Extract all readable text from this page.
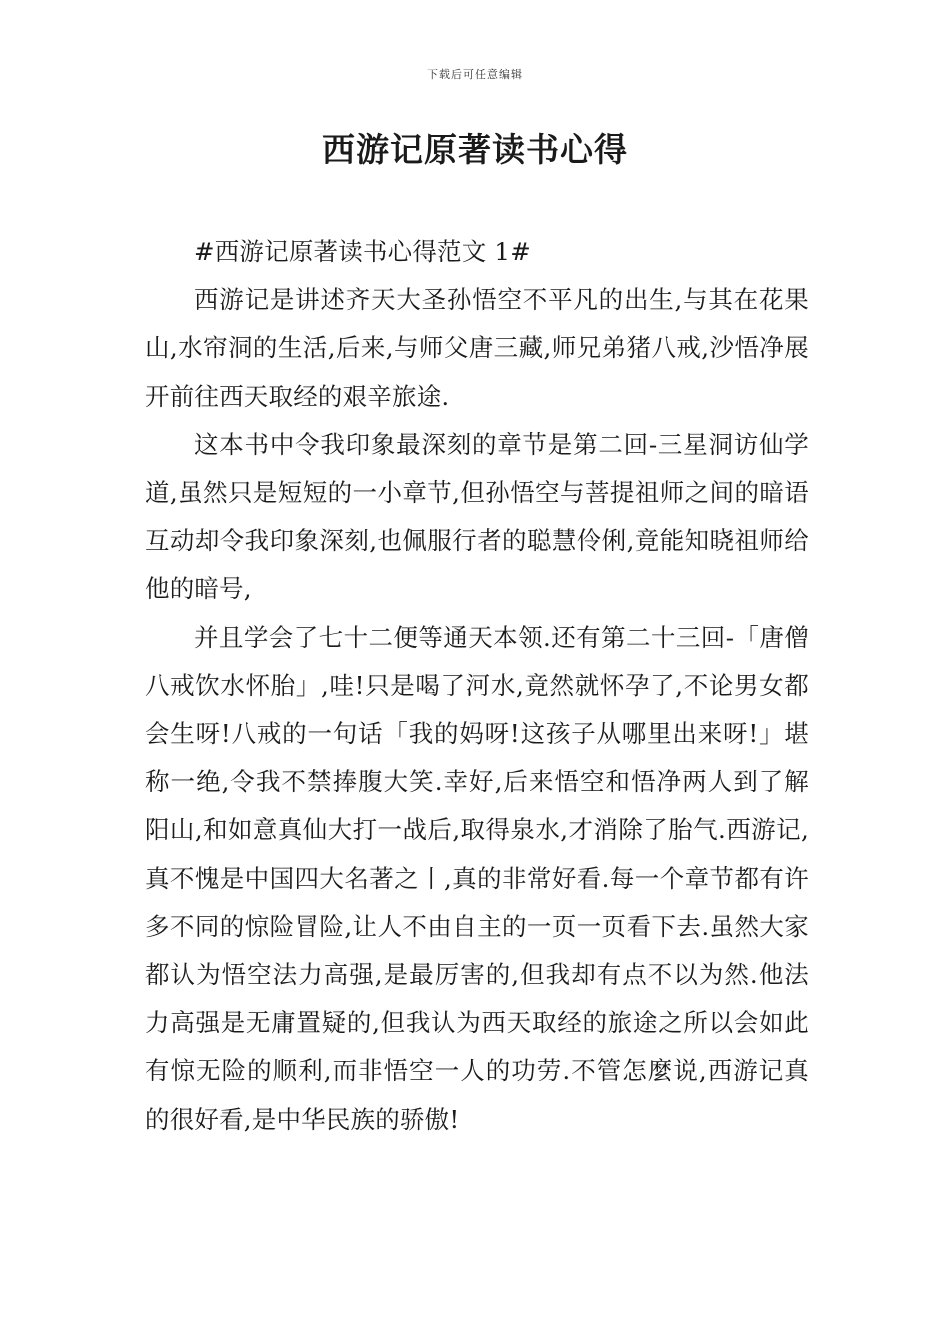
下载后可任意编辑
西游记原著读书心得

#西游记原著读书心得范文 1#

西游记是讲述齐天大圣孙悟空不平凡的出生,与其在花果山,水帘洞的生活,后来,与师父唐三藏,师兄弟猪八戒,沙悟净展开前往西天取经的艰辛旅途.

这本书中令我印象最深刻的章节是第二回-三星洞访仙学道,虽然只是短短的一小章节,但孙悟空与菩提祖师之间的暗语互动却令我印象深刻,也佩服行者的聪慧伶俐,竟能知晓祖师给他的暗号,

并且学会了七十二便等通天本领.还有第二十三回-「唐僧八戒饮水怀胎」,哇!只是喝了河水,竟然就怀孕了,不论男女都会生呀!八戒的一句话「我的妈呀!这孩子从哪里出来呀!」堪称一绝,令我不禁捧腹大笑.幸好,后来悟空和悟净两人到了解阳山,和如意真仙大打一战后,取得泉水,才消除了胎气.西游记,真不愧是中国四大名著之丨,真的非常好看.每一个章节都有许多不同的惊险冒险,让人不由自主的一页一页看下去.虽然大家都认为悟空法力高强,是最厉害的,但我却有点不以为然.他法力高强是无庸置疑的,但我认为西天取经的旅途之所以会如此有惊无险的顺利,而非悟空一人的功劳.不管怎麼说,西游记真的很好看,是中华民族的骄傲!
